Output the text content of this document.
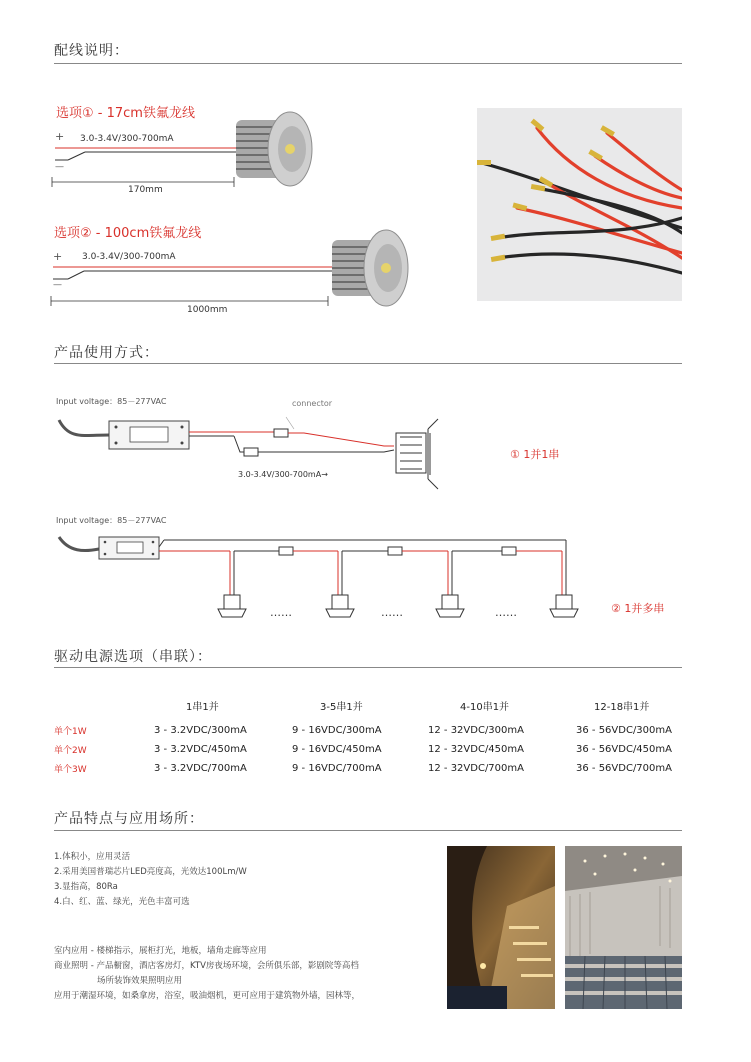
配线说明：
选项① - 17cm铁氟龙线
+
—
3.0-3.4V/300-700mA
170mm
选项② - 100cm铁氟龙线
+
—
3.0-3.4V/300-700mA
1000mm
产品使用方式：
Input voltage：85－277VAC	connector
3.0-3.4V/300-700mA→
① 1并1串
Input voltage：85－277VAC
② 1并多串
……	……	……
驱动电源选项（串联）：
	1串1并	3-5串1并	4-10串1并	12-18串1并

单个1W	3 - 3.2VDC/300mA	9 - 16VDC/300mA	12 - 32VDC/300mA	36 - 56VDC/300mA
单个2W	3 - 3.2VDC/450mA	9 - 16VDC/450mA	12 - 32VDC/450mA	36 - 56VDC/450mA
单个3W	3 - 3.2VDC/700mA	9 - 16VDC/700mA	12 - 32VDC/700mA	36 - 56VDC/700mA
产品特点与应用场所：
1.体积小，应用灵活
2.采用美国普瑞芯片LED亮度高，光效达100Lm/W
3.显指高，80Ra
4.白、红、蓝、绿光，光色丰富可选
室内应用 - 楼梯指示，展柜打光，地板，墙角走廊等应用
商业照明 - 产品橱窗，酒店客房灯，KTV房夜场环境，会所俱乐部，影剧院等高档
场所装饰效果照明应用
应用于潮湿环境，如桑拿房，浴室，吸油烟机，更可应用于建筑物外墙，园林等，
